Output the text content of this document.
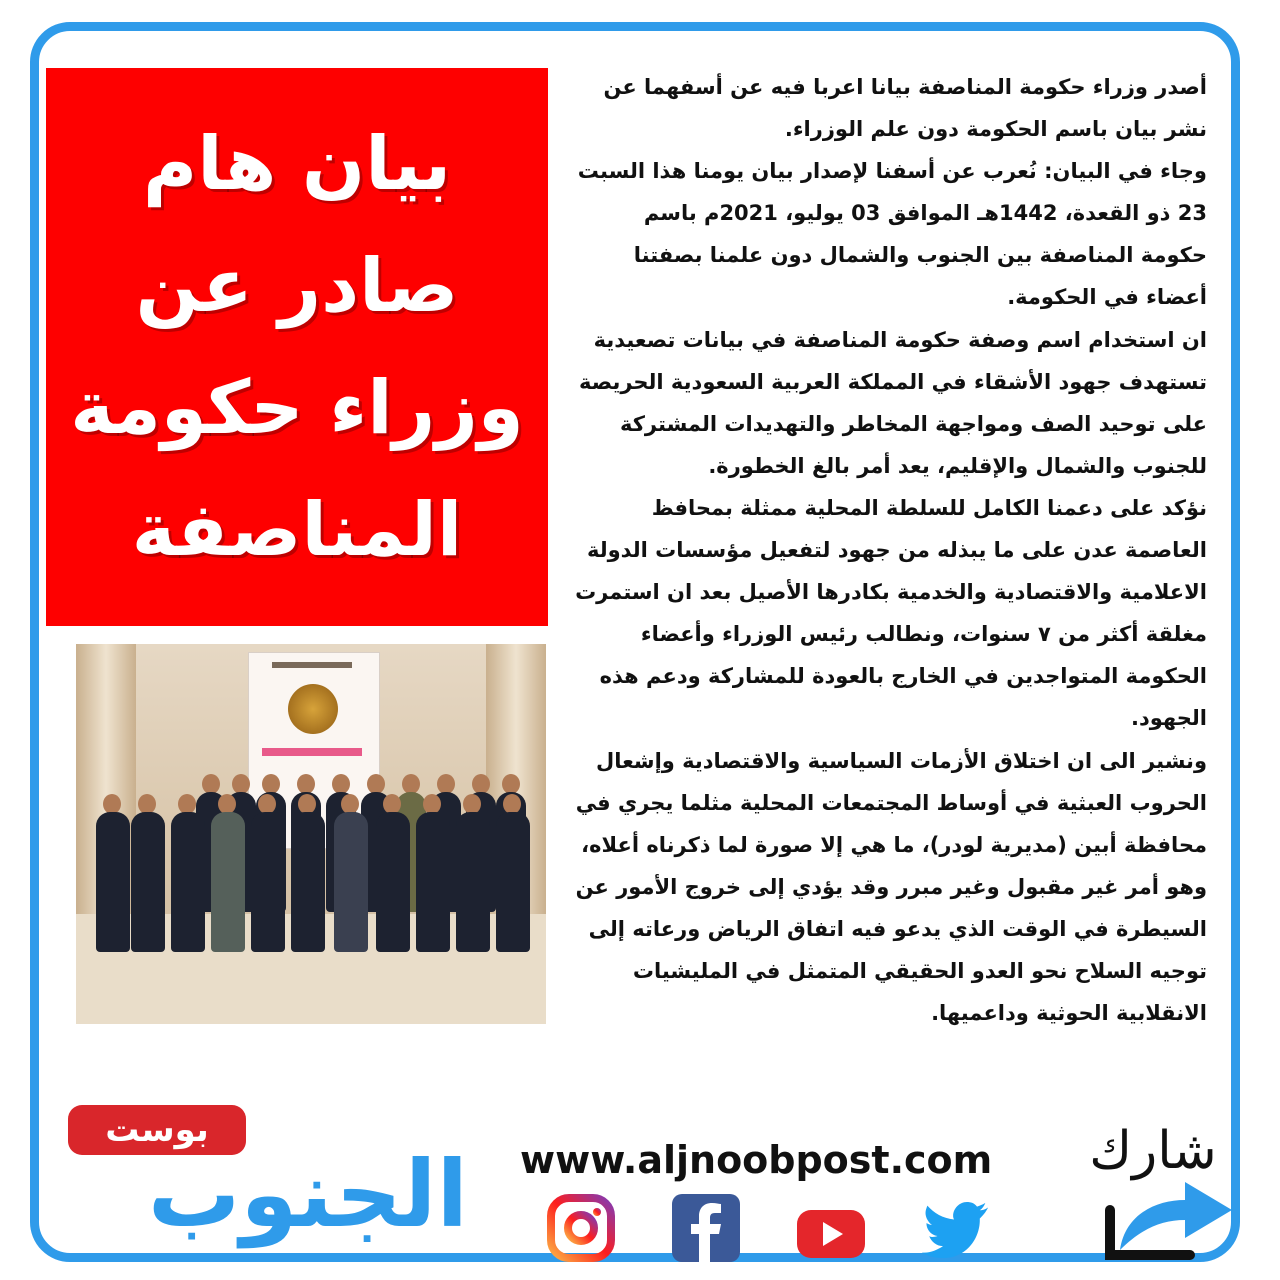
بيان هام
صادر عن
وزراء حكومة
المناصفة

أصدر وزراء حكومة المناصفة بيانا اعربا فيه عن أسفهما عن نشر بيان باسم الحكومة دون علم الوزراء.

وجاء في البيان: نُعرب عن أسفنا لإصدار بيان يومنا هذا السبت 23 ذو القعدة، 1442هـ الموافق 03 يوليو، 2021م باسم حكومة المناصفة بين الجنوب والشمال دون علمنا بصفتنا أعضاء في الحكومة.

ان استخدام اسم وصفة حكومة المناصفة في بيانات تصعيدية تستهدف جهود الأشقاء في المملكة العربية السعودية الحريصة على توحيد الصف ومواجهة المخاطر والتهديدات المشتركة للجنوب والشمال والإقليم، يعد أمر بالغ الخطورة.

نؤكد على دعمنا الكامل للسلطة المحلية ممثلة بمحافظ العاصمة عدن على ما يبذله من جهود لتفعيل مؤسسات الدولة الاعلامية والاقتصادية والخدمية بكادرها الأصيل بعد ان استمرت مغلقة أكثر من ٧ سنوات، ونطالب رئيس الوزراء وأعضاء الحكومة المتواجدين في الخارج بالعودة للمشاركة ودعم هذه الجهود.

ونشير الى ان اختلاق الأزمات السياسية والاقتصادية وإشعال الحروب العبثية في أوساط المجتمعات المحلية مثلما يجري في محافظة أبين (مديرية لودر)، ما هي إلا صورة لما ذكرناه أعلاه، وهو أمر غير مقبول وغير مبرر وقد يؤدي إلى خروج الأمور عن السيطرة في الوقت الذي يدعو فيه اتفاق الرياض ورعاته إلى توجيه السلاح نحو العدو الحقيقي المتمثل في المليشيات الانقلابية الحوثية وداعميها.

بوست
الجنوب www.aljnoobpost.com شارك
